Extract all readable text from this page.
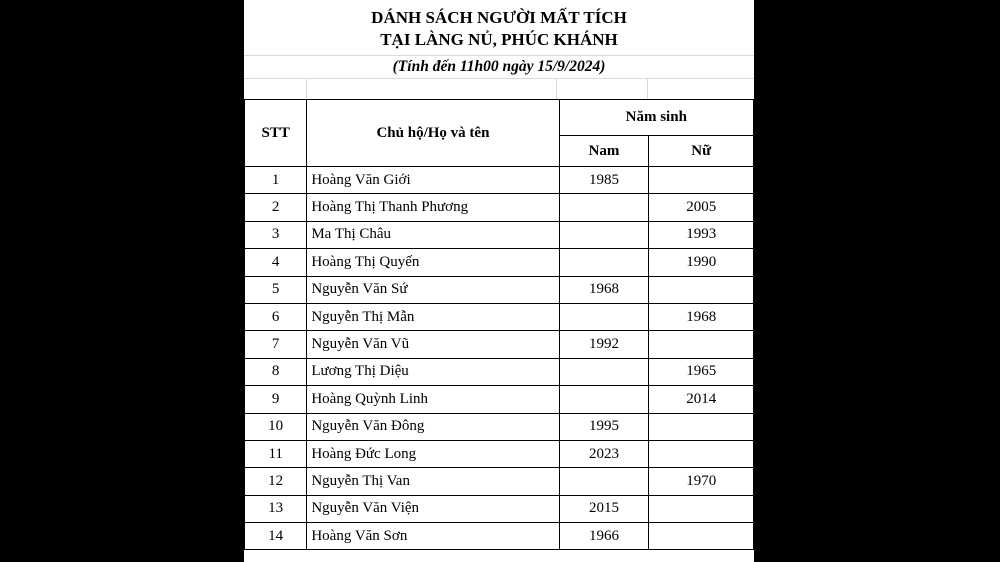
DÁNH SÁCH NGƯỜI MẤT TÍCH
TẠI LÀNG NỦ, PHÚC KHÁNH
(Tính đến 11h00 ngày 15/9/2024)
STT	Chủ hộ/Họ và tên	Năm sinh	
		Nam	Nữ
1	Hoàng Văn Giới	1985	
2	Hoàng Thị Thanh Phương		2005
3	Ma Thị Châu		1993
4	Hoàng Thị Quyến		1990
5	Nguyễn Văn Sứ	1968	
6	Nguyễn Thị Mẫn		1968
7	Nguyễn Văn Vũ	1992	
8	Lương Thị Diệu		1965
9	Hoàng Quỳnh Linh		2014
10	Nguyễn Văn Đông	1995	
11	Hoàng Đức Long	2023	
12	Nguyễn Thị Van		1970
13	Nguyễn Văn Viện	2015	
14	Hoàng Văn Sơn	1966	
